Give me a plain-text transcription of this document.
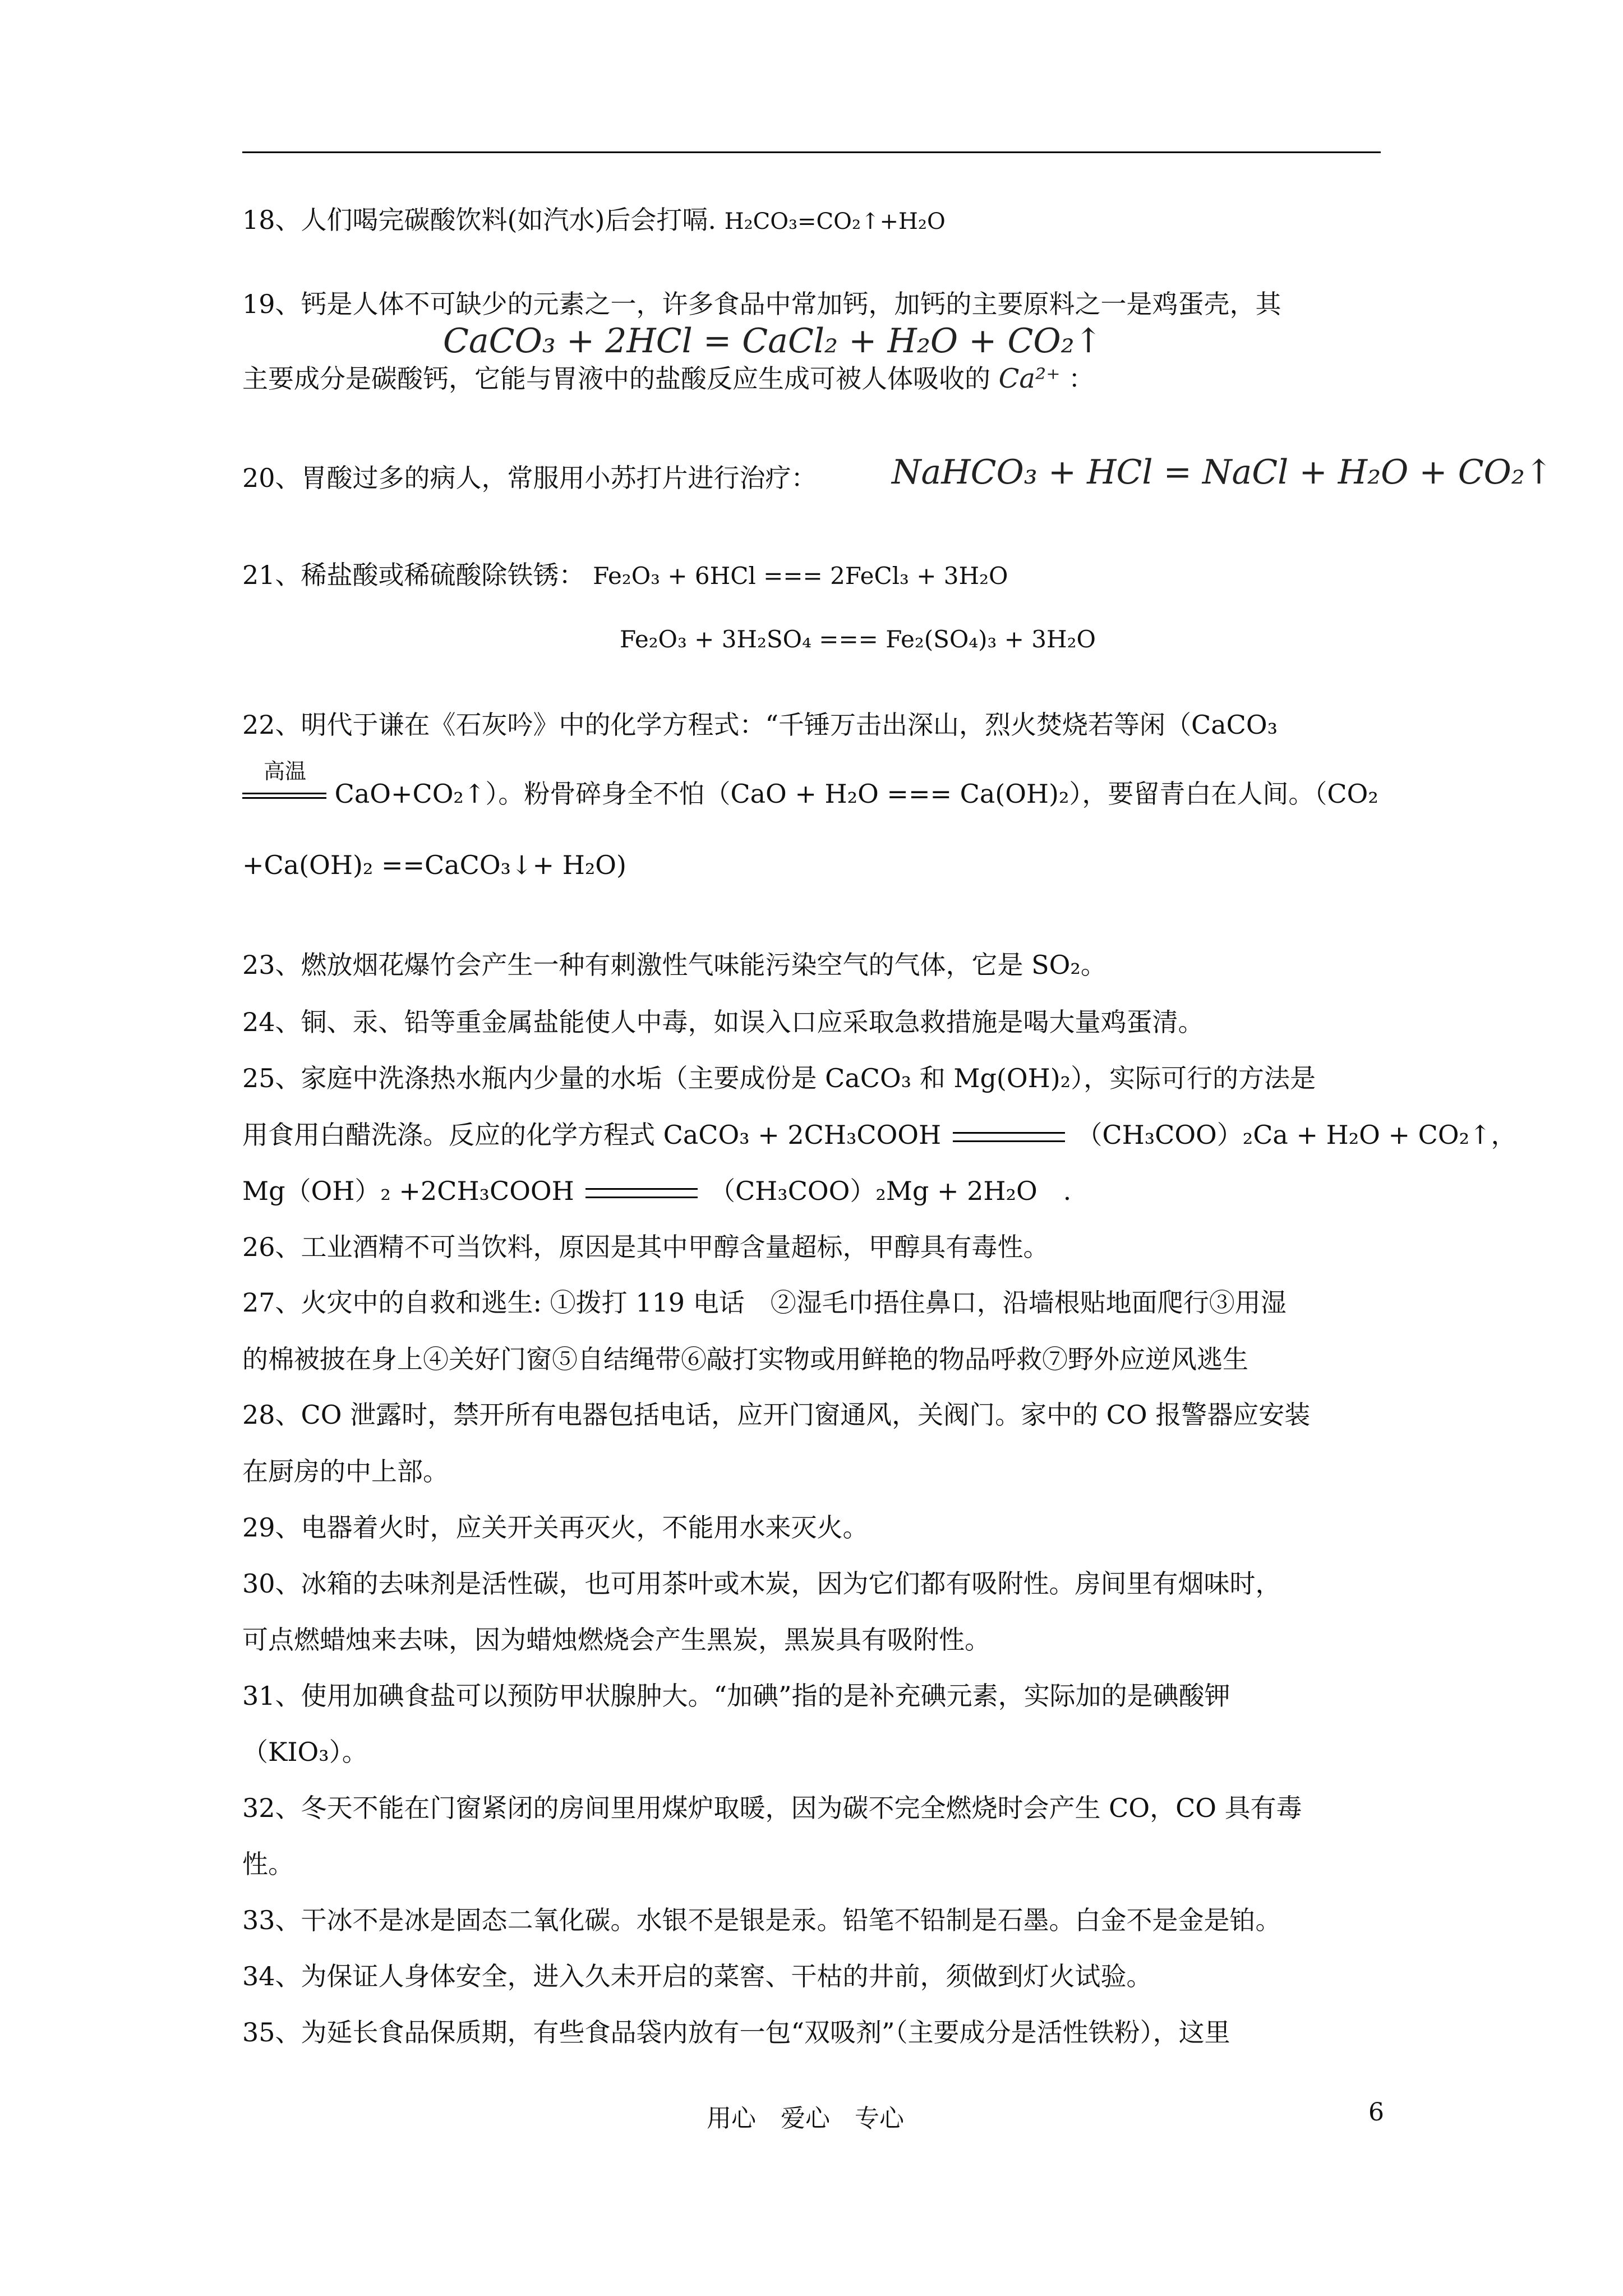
18、人们喝完碳酸饮料(如汽水)后会打嗝. H₂CO₃=CO₂↑+H₂O
19、钙是人体不可缺少的元素之一，许多食品中常加钙，加钙的主要原料之一是鸡蛋壳，其
CaCO₃ + 2HCl = CaCl₂ + H₂O + CO₂↑
主要成分是碳酸钙，它能与胃液中的盐酸反应生成可被人体吸收的 Ca²⁺ ：
20、胃酸过多的病人，常服用小苏打片进行治疗： NaHCO₃ + HCl = NaCl + H₂O + CO₂↑
21、稀盐酸或稀硫酸除铁锈： Fe₂O₃ + 6HCl === 2FeCl₃ + 3H₂O
Fe₂O₃ + 3H₂SO₄ === Fe₂(SO₄)₃ + 3H₂O
22、明代于谦在《石灰吟》中的化学方程式：“千锤万击出深山，烈火焚烧若等闲（CaCO₃
高温
CaO+CO₂↑）。粉骨碎身全不怕（CaO + H₂O === Ca(OH)₂），要留青白在人间。（CO₂
+Ca(OH)₂ ==CaCO₃↓+ H₂O)
23、燃放烟花爆竹会产生一种有刺激性气味能污染空气的气体，它是 SO₂。
24、铜、汞、铅等重金属盐能使人中毒，如误入口应采取急救措施是喝大量鸡蛋清。
25、家庭中洗涤热水瓶内少量的水垢（主要成份是 CaCO₃ 和 Mg(OH)₂），实际可行的方法是
用食用白醋洗涤。反应的化学方程式 CaCO₃ + 2CH₃COOH	（CH₃COO）₂Ca + H₂O + CO₂↑，
Mg（OH）₂ +2CH₃COOH	（CH₃COO）₂Mg + 2H₂O　.
26、工业酒精不可当饮料，原因是其中甲醇含量超标，甲醇具有毒性。
27、火灾中的自救和逃生: ①拨打 119 电话　②湿毛巾捂住鼻口，沿墙根贴地面爬行③用湿
的棉被披在身上④关好门窗⑤自结绳带⑥敲打实物或用鲜艳的物品呼救⑦野外应逆风逃生
28、CO 泄露时，禁开所有电器包括电话，应开门窗通风，关阀门。家中的 CO 报警器应安装
在厨房的中上部。
29、电器着火时，应关开关再灭火，不能用水来灭火。
30、冰箱的去味剂是活性碳，也可用茶叶或木炭，因为它们都有吸附性。房间里有烟味时，
可点燃蜡烛来去味，因为蜡烛燃烧会产生黑炭，黑炭具有吸附性。
31、使用加碘食盐可以预防甲状腺肿大。“加碘”指的是补充碘元素，实际加的是碘酸钾
（KIO₃）。
32、冬天不能在门窗紧闭的房间里用煤炉取暖，因为碳不完全燃烧时会产生 CO，CO 具有毒
性。
33、干冰不是冰是固态二氧化碳。水银不是银是汞。铅笔不铅制是石墨。白金不是金是铂。
34、为保证人身体安全，进入久未开启的菜窖、干枯的井前，须做到灯火试验。
35、为延长食品保质期，有些食品袋内放有一包“双吸剂”（主要成分是活性铁粉），这里
用心　爱心　专心	6
